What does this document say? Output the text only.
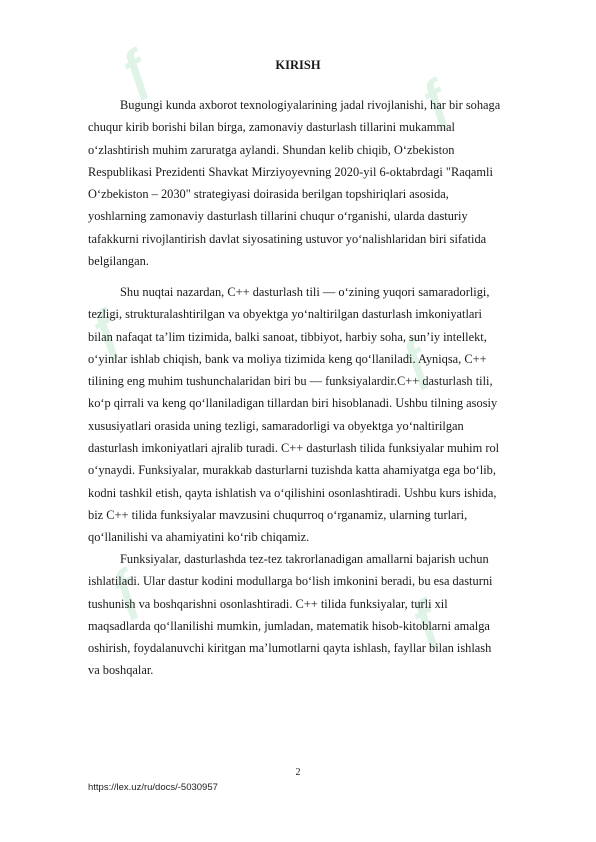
ƒ	ƒ
ƒ	ƒ
ƒ	ƒ
KIRISH

Bugungi kunda axborot texnologiyalarining jadal rivojlanishi, har bir sohaga
chuqur kirib borishi bilan birga, zamonaviy dasturlash tillarini mukammal
oʻzlashtirish muhim zaruratga aylandi. Shundan kelib chiqib, Oʻzbekiston
Respublikasi Prezidenti Shavkat Mirziyoyevning 2020-yil 6-oktabrdagi "Raqamli
Oʻzbekiston – 2030" strategiyasi doirasida berilgan topshiriqlari asosida,
yoshlarning zamonaviy dasturlash tillarini chuqur oʻrganishi, ularda dasturiy
tafakkurni rivojlantirish davlat siyosatining ustuvor yoʻnalishlaridan biri sifatida
belgilangan.

Shu nuqtai nazardan, C++ dasturlash tili — oʻzining yuqori samaradorligi,
tezligi, strukturalashtirilgan va obyektga yoʻnaltirilgan dasturlash imkoniyatlari
bilan nafaqat ta’lim tizimida, balki sanoat, tibbiyot, harbiy soha, sun’iy intellekt,
oʻyinlar ishlab chiqish, bank va moliya tizimida keng qoʻllaniladi. Ayniqsa, C++
tilining eng muhim tushunchalaridan biri bu — funksiyalardir.C++ dasturlash tili,
koʻp qirrali va keng qoʻllaniladigan tillardan biri hisoblanadi. Ushbu tilning asosiy
xususiyatlari orasida uning tezligi, samaradorligi va obyektga yoʻnaltirilgan
dasturlash imkoniyatlari ajralib turadi. C++ dasturlash tilida funksiyalar muhim rol
oʻynaydi. Funksiyalar, murakkab dasturlarni tuzishda katta ahamiyatga ega boʻlib,
kodni tashkil etish, qayta ishlatish va oʻqilishini osonlashtiradi. Ushbu kurs ishida,
biz C++ tilida funksiyalar mavzusini chuqurroq oʻrganamiz, ularning turlari,
qoʻllanilishi va ahamiyatini koʻrib chiqamiz.

Funksiyalar, dasturlashda tez-tez takrorlanadigan amallarni bajarish uchun
ishlatiladi. Ular dastur kodini modullarga boʻlish imkonini beradi, bu esa dasturni
tushunish va boshqarishni osonlashtiradi. C++ tilida funksiyalar, turli xil
maqsadlarda qoʻllanilishi mumkin, jumladan, matematik hisob-kitoblarni amalga
oshirish, foydalanuvchi kiritgan ma’lumotlarni qayta ishlash, fayllar bilan ishlash
va boshqalar.

2
https://lex.uz/ru/docs/-5030957
